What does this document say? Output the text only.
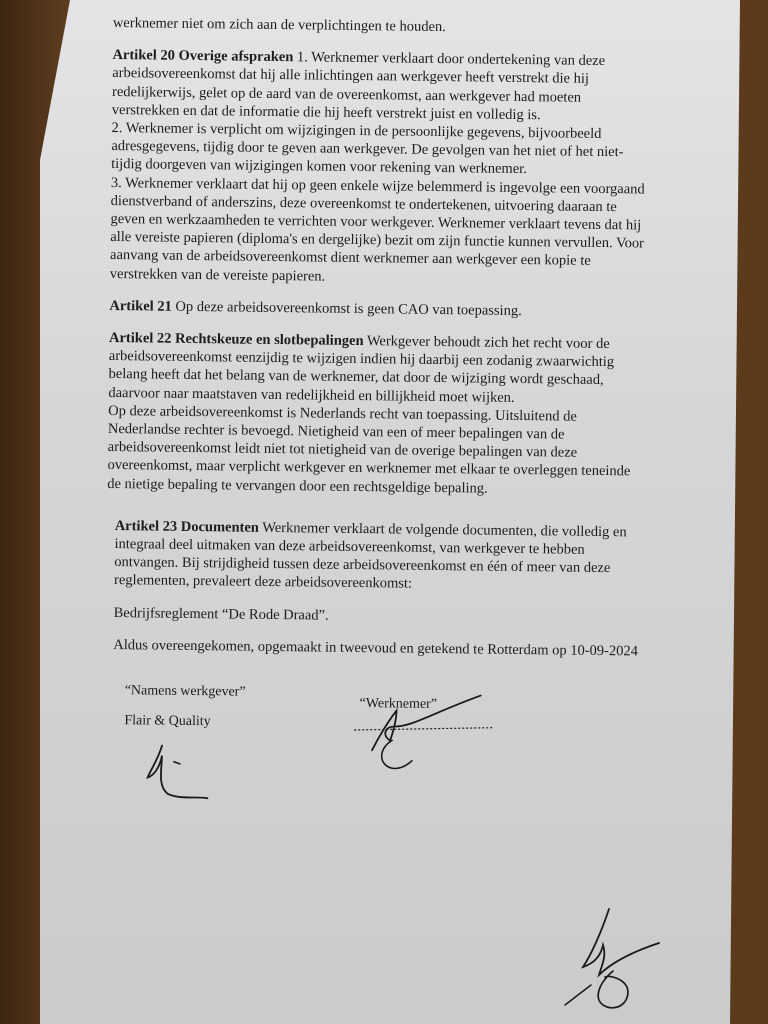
werknemer niet om zich aan de verplichtingen te houden.

Artikel 20 Overige afspraken 1. Werknemer verklaart door ondertekening van deze arbeidsovereenkomst dat hij alle inlichtingen aan werkgever heeft verstrekt die hij redelijkerwijs, gelet op de aard van de overeenkomst, aan werkgever had moeten verstrekken en dat de informatie die hij heeft verstrekt juist en volledig is.

2. Werknemer is verplicht om wijzigingen in de persoonlijke gegevens, bijvoorbeeld adresgegevens, tijdig door te geven aan werkgever. De gevolgen van het niet of het niet-tijdig doorgeven van wijzigingen komen voor rekening van werknemer.

3. Werknemer verklaart dat hij op geen enkele wijze belemmerd is ingevolge een voorgaand dienstverband of anderszins, deze overeenkomst te ondertekenen, uitvoering daaraan te geven en werkzaamheden te verrichten voor werkgever. Werknemer verklaart tevens dat hij alle vereiste papieren (diploma's en dergelijke) bezit om zijn functie kunnen vervullen. Voor aanvang van de arbeidsovereenkomst dient werknemer aan werkgever een kopie te verstrekken van de vereiste papieren.

Artikel 21 Op deze arbeidsovereenkomst is geen CAO van toepassing.

Artikel 22 Rechtskeuze en slotbepalingen Werkgever behoudt zich het recht voor de arbeidsovereenkomst eenzijdig te wijzigen indien hij daarbij een zodanig zwaarwichtig belang heeft dat het belang van de werknemer, dat door de wijziging wordt geschaad, daarvoor naar maatstaven van redelijkheid en billijkheid moet wijken.

Op deze arbeidsovereenkomst is Nederlands recht van toepassing. Uitsluitend de Nederlandse rechter is bevoegd. Nietigheid van een of meer bepalingen van de arbeidsovereenkomst leidt niet tot nietigheid van de overige bepalingen van deze overeenkomst, maar verplicht werkgever en werknemer met elkaar te overleggen teneinde de nietige bepaling te vervangen door een rechtsgeldige bepaling.

Artikel 23 Documenten Werknemer verklaart de volgende documenten, die volledig en integraal deel uitmaken van deze arbeidsovereenkomst, van werkgever te hebben ontvangen. Bij strijdigheid tussen deze arbeidsovereenkomst en één of meer van deze reglementen, prevaleert deze arbeidsovereenkomst:

Bedrijfsreglement “De Rode Draad”.

Aldus overeengekomen, opgemaakt in tweevoud en getekend te Rotterdam op 10-09-2024

“Namens werkgever”
Flair & Quality
“Werknemer”
